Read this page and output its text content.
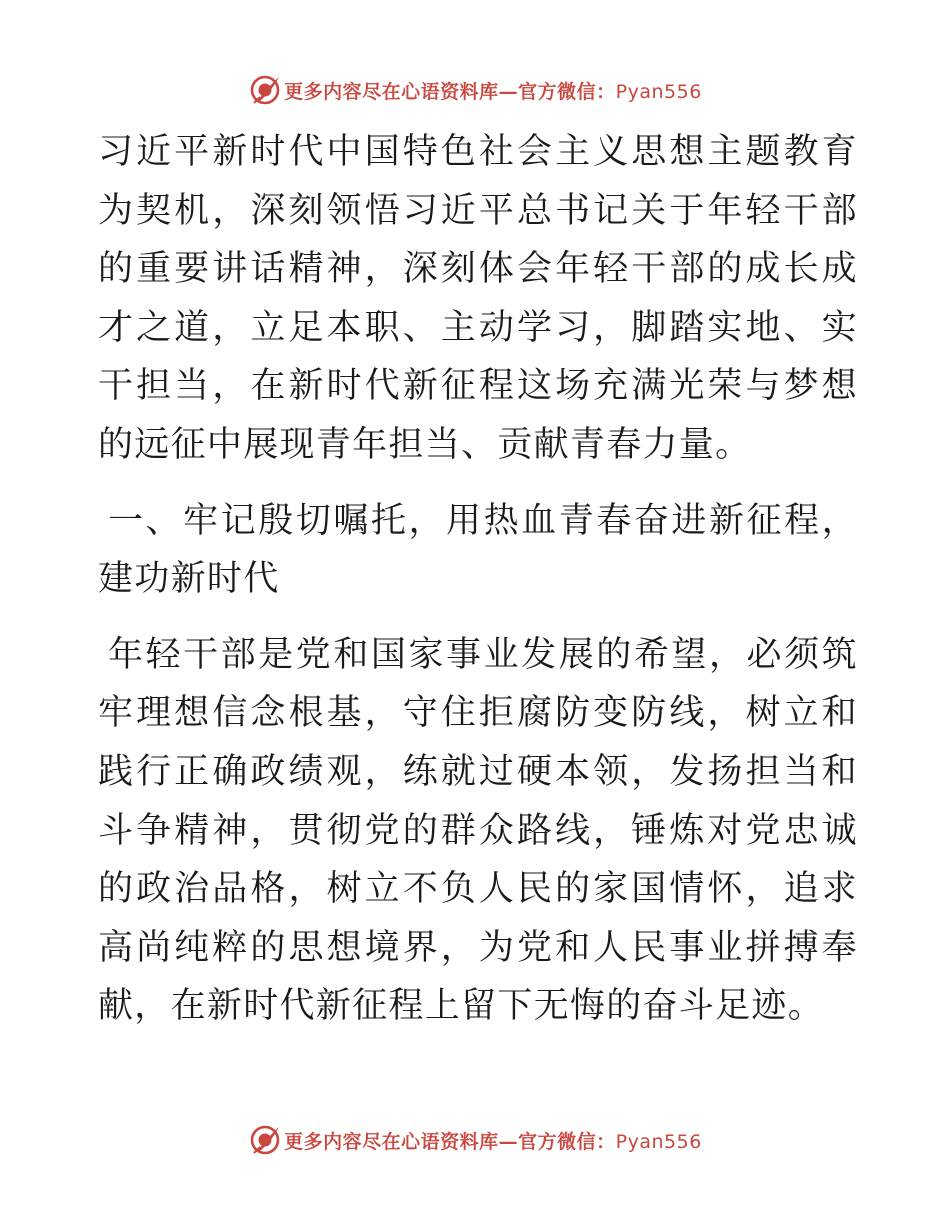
更多内容尽在心语资料库—官方微信：Pyan556

习近平新时代中国特色社会主义思想主题教育为契机，深刻领悟习近平总书记关于年轻干部的重要讲话精神，深刻体会年轻干部的成长成才之道，立足本职、主动学习，脚踏实地、实干担当，在新时代新征程这场充满光荣与梦想的远征中展现青年担当、贡献青春力量。

一、牢记殷切嘱托，用热血青春奋进新征程，建功新时代

年轻干部是党和国家事业发展的希望，必须筑牢理想信念根基，守住拒腐防变防线，树立和践行正确政绩观，练就过硬本领，发扬担当和斗争精神，贯彻党的群众路线，锤炼对党忠诚的政治品格，树立不负人民的家国情怀，追求高尚纯粹的思想境界，为党和人民事业拼搏奉献，在新时代新征程上留下无悔的奋斗足迹。

更多内容尽在心语资料库—官方微信：Pyan556
